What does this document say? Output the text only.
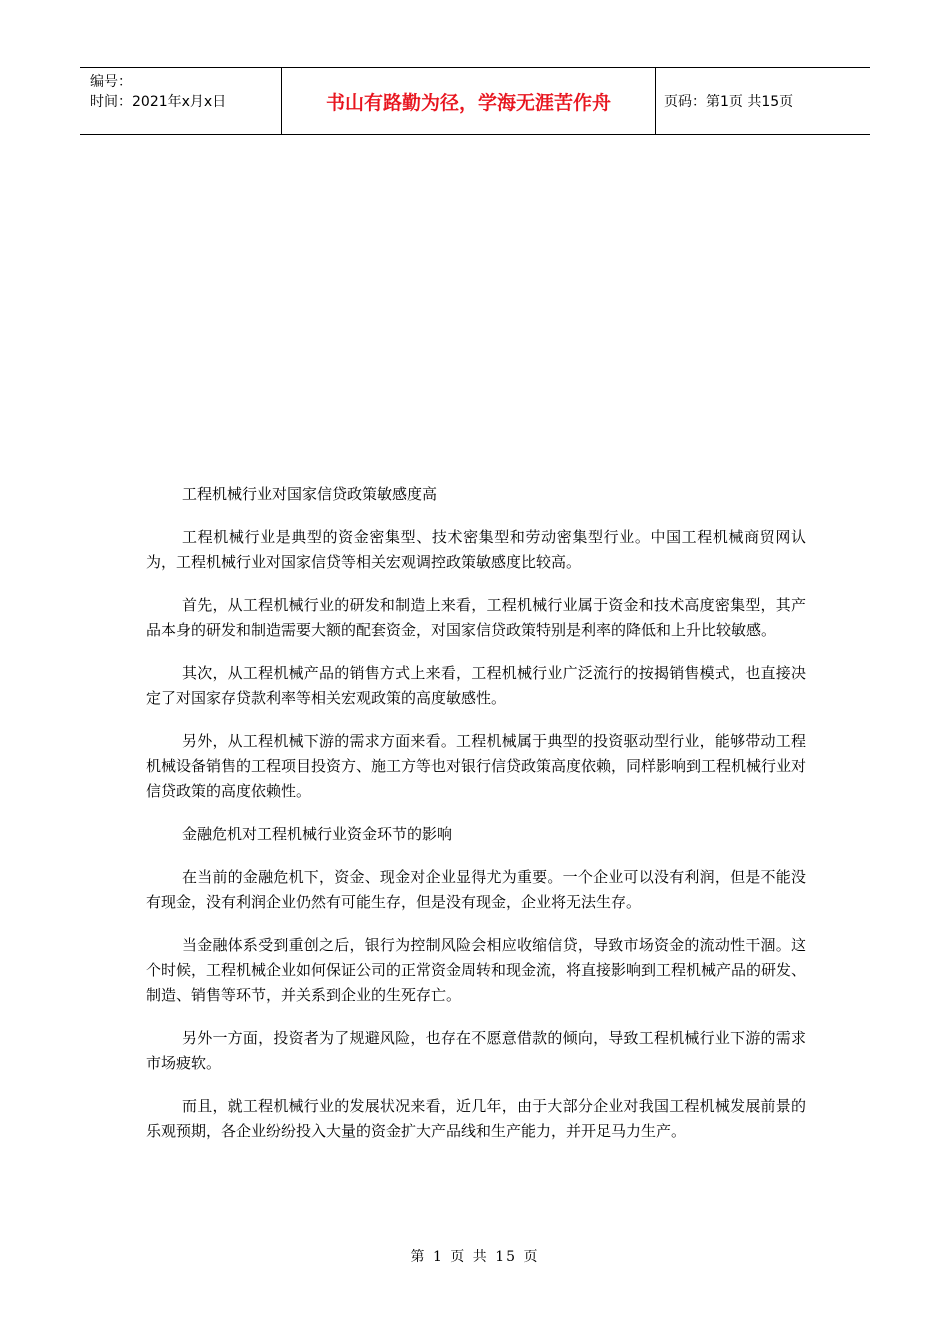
编号：
时间：2021年x月x日	书山有路勤为径，学海无涯苦作舟	页码：第1页 共15页

工程机械行业对国家信贷政策敏感度高

工程机械行业是典型的资金密集型、技术密集型和劳动密集型行业。中国工程机械商贸网认为，工程机械行业对国家信贷等相关宏观调控政策敏感度比较高。

首先，从工程机械行业的研发和制造上来看，工程机械行业属于资金和技术高度密集型，其产品本身的研发和制造需要大额的配套资金，对国家信贷政策特别是利率的降低和上升比较敏感。

其次，从工程机械产品的销售方式上来看，工程机械行业广泛流行的按揭销售模式，也直接决定了对国家存贷款利率等相关宏观政策的高度敏感性。

另外，从工程机械下游的需求方面来看。工程机械属于典型的投资驱动型行业，能够带动工程机械设备销售的工程项目投资方、施工方等也对银行信贷政策高度依赖，同样影响到工程机械行业对信贷政策的高度依赖性。

金融危机对工程机械行业资金环节的影响

在当前的金融危机下，资金、现金对企业显得尤为重要。一个企业可以没有利润，但是不能没有现金，没有利润企业仍然有可能生存，但是没有现金，企业将无法生存。

当金融体系受到重创之后，银行为控制风险会相应收缩信贷，导致市场资金的流动性干涸。这个时候，工程机械企业如何保证公司的正常资金周转和现金流，将直接影响到工程机械产品的研发、制造、销售等环节，并关系到企业的生死存亡。

另外一方面，投资者为了规避风险，也存在不愿意借款的倾向，导致工程机械行业下游的需求市场疲软。

而且，就工程机械行业的发展状况来看，近几年，由于大部分企业对我国工程机械发展前景的乐观预期，各企业纷纷投入大量的资金扩大产品线和生产能力，并开足马力生产。

第 1 页 共 15 页
